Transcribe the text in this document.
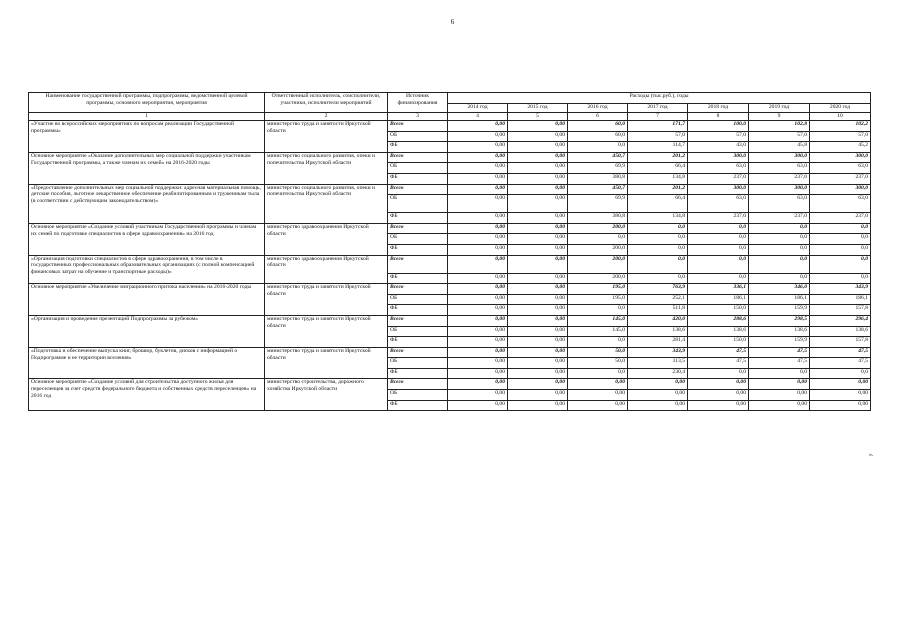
6
Наименование государственной программы, подпрограммы, ведомственной целевой программы, основного мероприятия, мероприятия	Ответственный исполнитель, соисполнители, участники, исполнители мероприятий	Источник финансирования	Расходы (тыс.руб.), годы						
			2014 год	2015 год	2016 год	2017 год	2018 год	2019 год	2020 год
1	2	3	4	5	6	7	8	9	10
«Участие во всероссийских мероприятиях по вопросам реализации Государственной программы»	министерство труда и занятости Иркутской области	Всего	0,00	0,00	60,0	171,7	100,0	102,8	102,2
		ОБ	0,00	0,00	60,0	57,0	57,0	57,0	57,0
		ФБ	0,00	0,00	0,0	114,7	43,0	45,8	45,2
Основное мероприятие «Оказание дополнительных мер социальной поддержки участникам Государственной программы, а также членам их семей» на 2016-2020 годы	министерство социального развития, опеки и попечительства Иркутской области	Всего	0,00	0,00	450,7	201,2	300,0	300,0	300,0
		ОБ	0,00	0,00	69,9	66,4	63,0	63,0	63,0
		ФБ	0,00	0,00	380,8	134,8	237,0	237,0	237,0
«Предоставление дополнительных мер социальной поддержки: адресная материальная помощь, детские пособия, льготное лекарственное обеспечение реабилитированным и труженикам тыла (в соответствии с действующим законодательством)»	министерство социального развития, опеки и попечительства Иркутской области	Всего	0,00	0,00	450,7	201,2	300,0	300,0	300,0
		ОБ	0,00	0,00	69,9	66,4	63,0	63,0	63,0
		ФБ	0,00	0,00	380,8	134,8	237,0	237,0	237,0
Основное мероприятие «Создание условий участникам Государственной программы и членам их семей по подготовке специалистов в сфере здравоохранения» на 2016 год	министерство здравоохранения Иркутской области	Всего	0,00	0,00	200,0	0,0	0,0	0,0	0,0
		ОБ	0,00	0,00	0,0	0,0	0,0	0,0	0,0
		ФБ	0,00	0,00	200,0	0,0	0,0	0,0	0,0
«Организация подготовки специалистов в сфере здравоохранения, в том числе в государственных профессиональных образовательных организациях (с полной компенсацией финансовых затрат на обучение и транспортные расходы)»	министерство здравоохранения Иркутской области	Всего	0,00	0,00	200,0	0,0	0,0	0,0	0,0
		ФБ	0,00	0,00	200,0	0,0	0,0	0,0	0,0
Основное мероприятие «Увеличение миграционного притока населения» на 2016-2020 годы	министерство труда и занятости Иркутской области	Всего	0,00	0,00	195,0	763,9	336,1	346,0	343,9
		ОБ	0,00	0,00	195,0	252,1	186,1	186,1	186,1
		ФБ	0,00	0,00	0,0	511,8	150,0	159,9	157,8
«Организация и проведение презентаций Подпрограммы за рубежом»	министерство труда и занятости Иркутской области	Всего	0,00	0,00	145,0	420,0	288,6	298,5	296,4
		ОБ	0,00	0,00	145,0	138,6	138,6	138,6	138,6
		ФБ	0,00	0,00	0,0	281,4	150,0	159,9	157,8
«Подготовка и обеспечение выпуска книг, брошюр, буклетов, дисков с информацией о Подпрограмме и ее территории вселения»	министерство труда и занятости Иркутской области	Всего	0,00	0,00	50,0	343,9	47,5	47,5	47,5
		ОБ	0,00	0,00	50,0	113,5	47,5	47,5	47,5
		ФБ	0,00	0,00	0,0	230,4	0,0	0,0	0,0
Основное мероприятие «Создание условий для строительства доступного жилья для переселенцев за счет средств федерального бюджета и собственных средств переселенцев» на 2016 год	министерство строительства, дорожного хозяйства Иркутской области	Всего	0,00	0,00	0,00	0,00	0,00	0,00	0,00
		ОБ	0,00	0,00	0,00	0,00	0,00	0,00	0,00
		ФБ	0,00	0,00	0,00	0,00	0,00	0,00	0,00
».
